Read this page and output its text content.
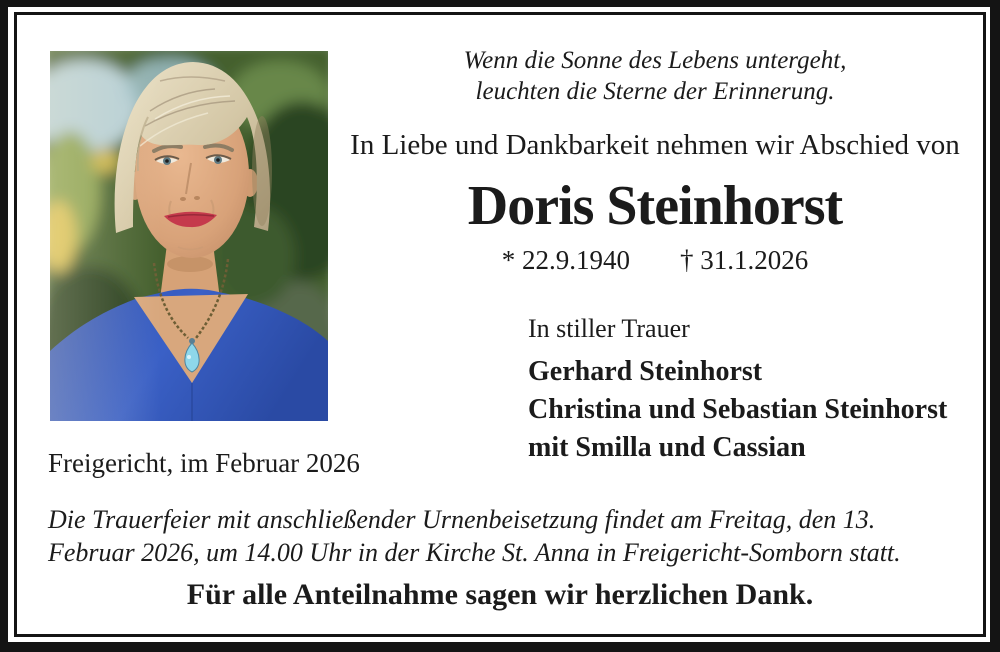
Wenn die Sonne des Lebens untergeht,
leuchten die Sterne der Erinnerung.
In Liebe und Dankbarkeit nehmen wir Abschied von
Doris Steinhorst
* 22.9.1940 † 31.1.2026

In stiller Trauer

Gerhard Steinhorst

Christina und Sebastian Steinhorst

mit Smilla und Cassian

Freigericht, im Februar 2026
Die Trauerfeier mit anschließender Urnenbeisetzung findet am Freitag, den 13. Februar 2026, um 14.00 Uhr in der Kirche St. Anna in Freigericht-Somborn statt.
Für alle Anteilnahme sagen wir herzlichen Dank.
